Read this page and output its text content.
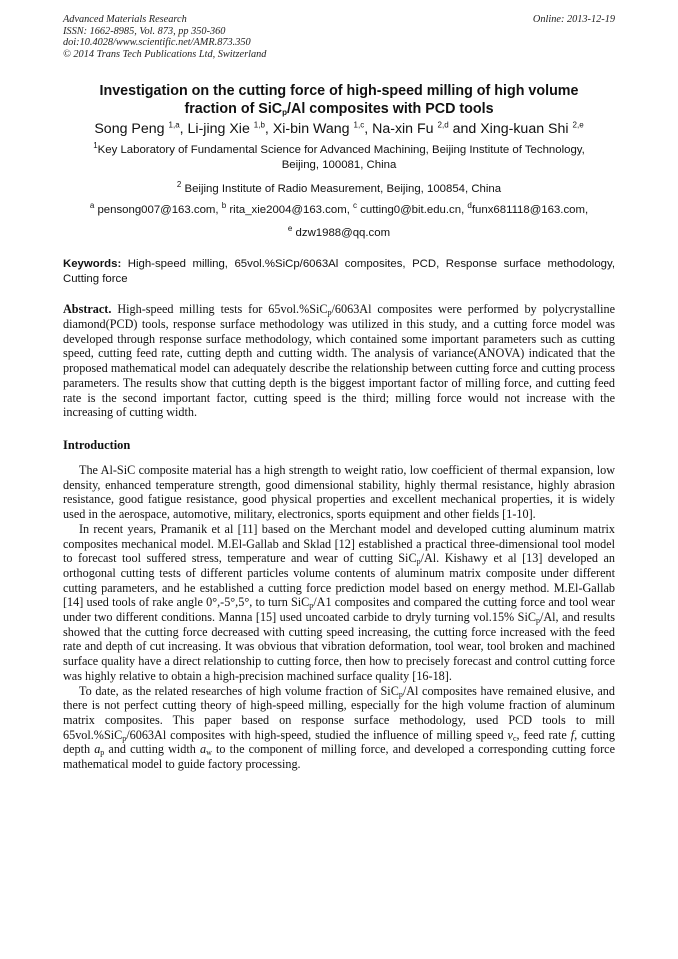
Advanced Materials Research
ISSN: 1662-8985, Vol. 873, pp 350-360
doi:10.4028/www.scientific.net/AMR.873.350
© 2014 Trans Tech Publications Ltd, Switzerland
Online: 2013-12-19
Investigation on the cutting force of high-speed milling of high volume
fraction of SiC$_p$/Al composites with PCD tools
Song Peng $^{1,a}$, Li-jing Xie $^{1,b}$, Xi-bin Wang $^{1,c}$, Na-xin Fu $^{2,d}$ and Xing-kuan Shi $^{2,e}$
$^1$Key Laboratory of Fundamental Science for Advanced Machining, Beijing Institute of Technology,
Beijing, 100081, China
$^2$ Beijing Institute of Radio Measurement, Beijing, 100854, China
$^a$ pensong007@163.com, $^b$ rita_xie2004@163.com, $^c$ cutting0@bit.edu.cn, $^d$funx681118@163.com,
$^e$ dzw1988@qq.com
Keywords: High-speed milling, 65vol.%SiCp/6063Al composites, PCD, Response surface methodology, Cutting force

Abstract. High-speed milling tests for 65vol.%SiC$_p$/6063Al composites were performed by polycrystalline diamond(PCD) tools, response surface methodology was utilized in this study, and a cutting force model was developed through response surface methodology, which contained some important parameters such as cutting speed, cutting feed rate, cutting depth and cutting width. The analysis of variance(ANOVA) indicated that the proposed mathematical model can adequately describe the relationship between cutting force and cutting process parameters. The results show that cutting depth is the biggest important factor of milling force, and cutting feed rate is the second important factor, cutting speed is the third; milling force would not increase with the increasing of cutting width.

Introduction

The Al-SiC composite material has a high strength to weight ratio, low coefficient of thermal expansion, low density, enhanced temperature strength, good dimensional stability, highly thermal resistance, highly abrasion resistance, good fatigue resistance, good physical properties and excellent mechanical properties, it is widely used in the aerospace, automotive, military, electronics, sports equipment and other fields [1-10].

In recent years, Pramanik et al [11] based on the Merchant model and developed cutting aluminum matrix composites mechanical model. M.El-Gallab and Sklad [12] established a practical three-dimensional tool model to forecast tool suffered stress, temperature and wear of cutting SiC$_p$/Al. Kishawy et al [13] developed an orthogonal cutting tests of different particles volume contents of aluminum matrix composite under different cutting parameters, and he established a cutting force prediction model based on energy method. M.El-Gallab [14] used tools of rake angle 0°,-5°,5°, to turn SiC$_p$/A1 composites and compared the cutting force and tool wear under two different conditions. Manna [15] used uncoated carbide to dryly turning vol.15% SiC$_p$/Al, and results showed that the cutting force decreased with cutting speed increasing, the cutting force increased with the feed rate and depth of cut increasing. It was obvious that vibration deformation, tool wear, tool broken and machined surface quality have a direct relationship to cutting force, then how to precisely forecast and control cutting force was highly relative to obtain a high-precision machined surface quality [16-18].

To date, as the related researches of high volume fraction of SiC$_p$/Al composites have remained elusive, and there is not perfect cutting theory of high-speed milling, especially for the high volume fraction of aluminum matrix composites. This paper based on response surface methodology, used PCD tools to mill 65vol.%SiC$_p$/6063Al composites with high-speed, studied the influence of milling speed $v_c$, feed rate f, cutting depth $a_p$ and cutting width $a_w$ to the component of milling force, and developed a corresponding cutting force mathematical model to guide factory processing.
